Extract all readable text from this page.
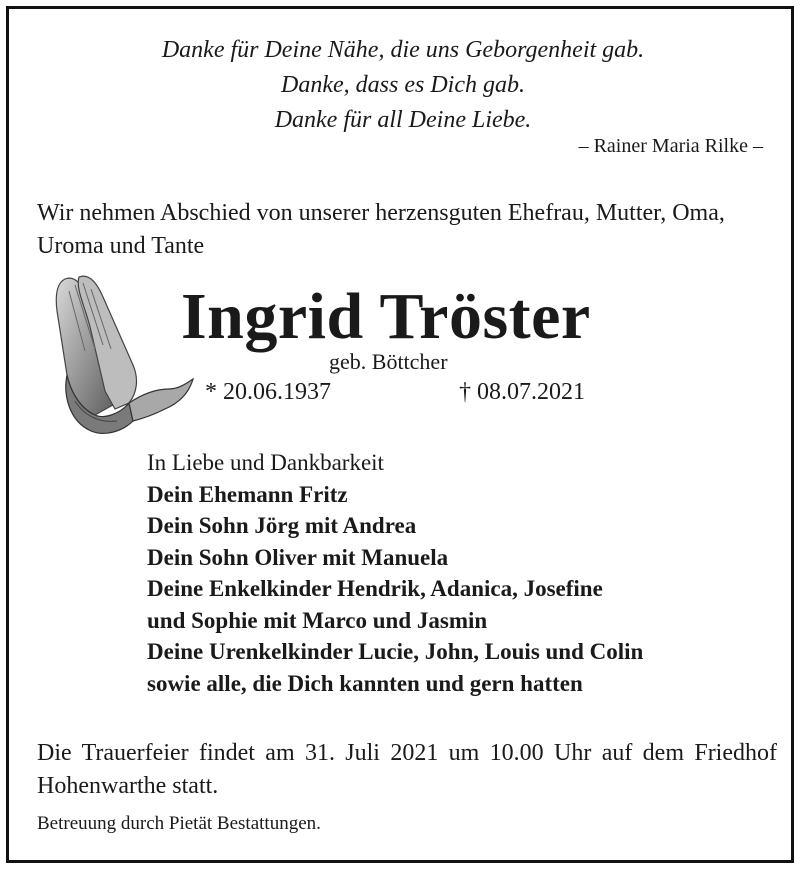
Danke für Deine Nähe, die uns Geborgenheit gab.
Danke, dass es Dich gab.
Danke für all Deine Liebe.
– Rainer Maria Rilke –
Wir nehmen Abschied von unserer herzensguten Ehefrau, Mutter, Oma, Uroma und Tante
Ingrid Tröster
geb. Böttcher
* 20.06.1937	† 08.07.2021
In Liebe und Dankbarkeit
Dein Ehemann Fritz
Dein Sohn Jörg mit Andrea
Dein Sohn Oliver mit Manuela
Deine Enkelkinder Hendrik, Adanica, Josefine
und Sophie mit Marco und Jasmin
Deine Urenkelkinder Lucie, John, Louis und Colin
sowie alle, die Dich kannten und gern hatten
Die Trauerfeier findet am 31. Juli 2021 um 10.00 Uhr auf dem Friedhof Hohenwarthe statt.
Betreuung durch Pietät Bestattungen.
